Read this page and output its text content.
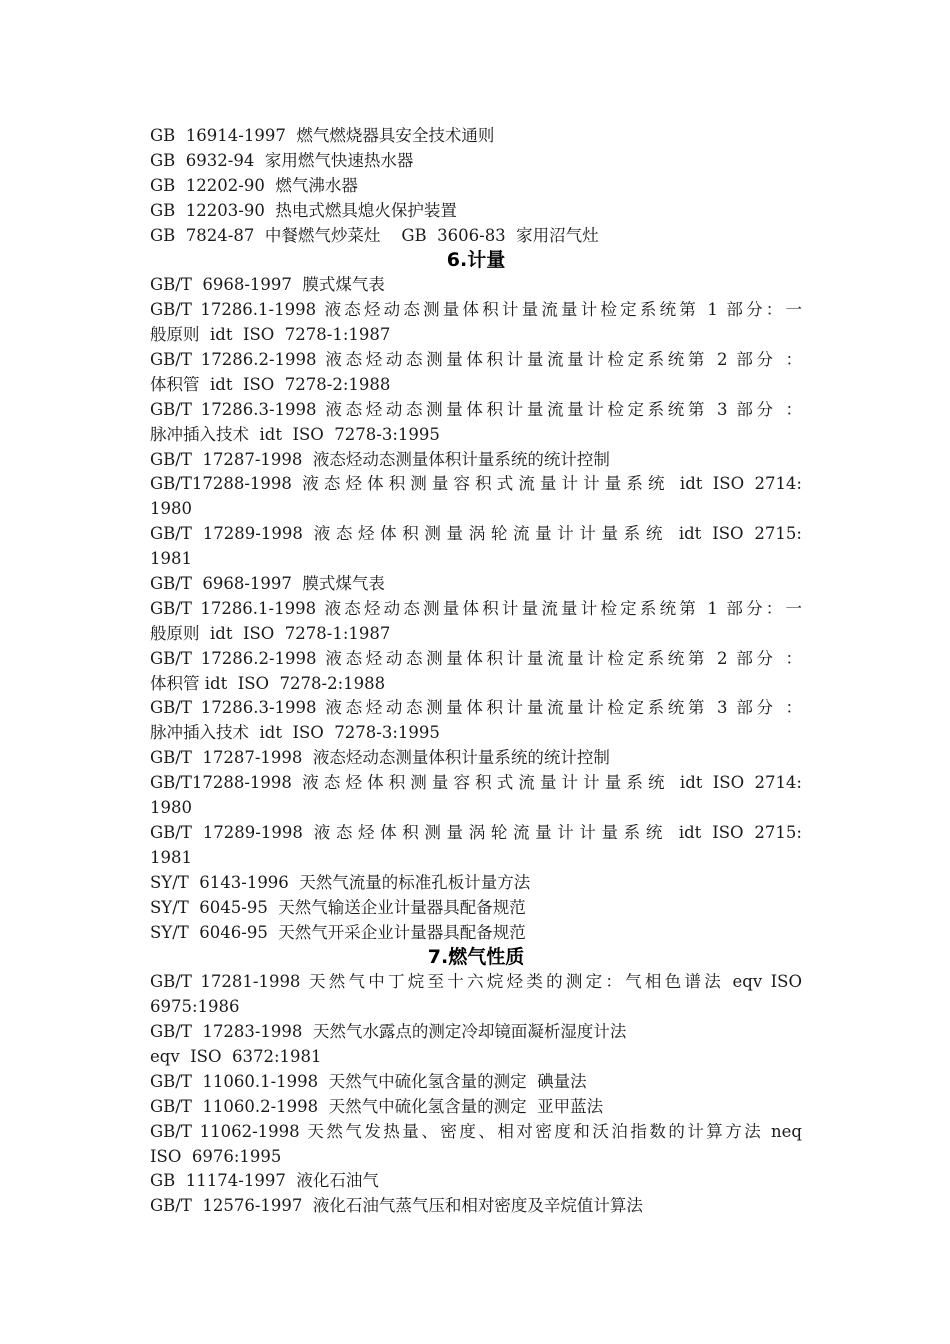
GB  16914-1997  燃气燃烧器具安全技术通则
GB  6932-94  家用燃气快速热水器
GB  12202-90  燃气沸水器
GB  12203-90  热电式燃具熄火保护装置
GB  7824-87  中餐燃气炒菜灶    GB  3606-83  家用沼气灶
6.计量
GB/T  6968-1997  膜式煤气表
GB/T 17286.1-1998 液态烃动态测量体积计量流量计检定系统第 1 部分：一
般原则  idt  ISO  7278-1:1987
GB/T 17286.2-1998 液态烃动态测量体积计量流量计检定系统第 2 部分 ：
体积管  idt  ISO  7278-2:1988
GB/T 17286.3-1998 液态烃动态测量体积计量流量计检定系统第 3 部分 ：
脉冲插入技术  idt  ISO  7278-3:1995
GB/T  17287-1998  液态烃动态测量体积计量系统的统计控制
GB/T17288-1998 液态烃体积测量容积式流量计计量系统 idt ISO 2714:
1980
GB/T 17289-1998 液态烃体积测量涡轮流量计计量系统 idt ISO 2715:
1981
GB/T  6968-1997  膜式煤气表
GB/T 17286.1-1998 液态烃动态测量体积计量流量计检定系统第 1 部分：一
般原则  idt  ISO  7278-1:1987
GB/T 17286.2-1998 液态烃动态测量体积计量流量计检定系统第 2 部分 ：
体积管 idt  ISO  7278-2:1988
GB/T 17286.3-1998 液态烃动态测量体积计量流量计检定系统第 3 部分 ：
脉冲插入技术  idt  ISO  7278-3:1995
GB/T  17287-1998  液态烃动态测量体积计量系统的统计控制
GB/T17288-1998 液态烃体积测量容积式流量计计量系统 idt ISO 2714:
1980
GB/T 17289-1998 液态烃体积测量涡轮流量计计量系统 idt ISO 2715:
1981
SY/T  6143-1996  天然气流量的标准孔板计量方法
SY/T  6045-95  天然气输送企业计量器具配备规范
SY/T  6046-95  天然气开采企业计量器具配备规范
7.燃气性质
GB/T 17281-1998 天然气中丁烷至十六烷烃类的测定：气相色谱法 eqv ISO
6975:1986
GB/T  17283-1998  天然气水露点的测定冷却镜面凝析湿度计法
eqv  ISO  6372:1981
GB/T  11060.1-1998  天然气中硫化氢含量的测定  碘量法
GB/T  11060.2-1998  天然气中硫化氢含量的测定  亚甲蓝法
GB/T 11062-1998 天然气发热量、密度、相对密度和沃泊指数的计算方法 neq
ISO  6976:1995
GB  11174-1997  液化石油气
GB/T  12576-1997  液化石油气蒸气压和相对密度及辛烷值计算法
